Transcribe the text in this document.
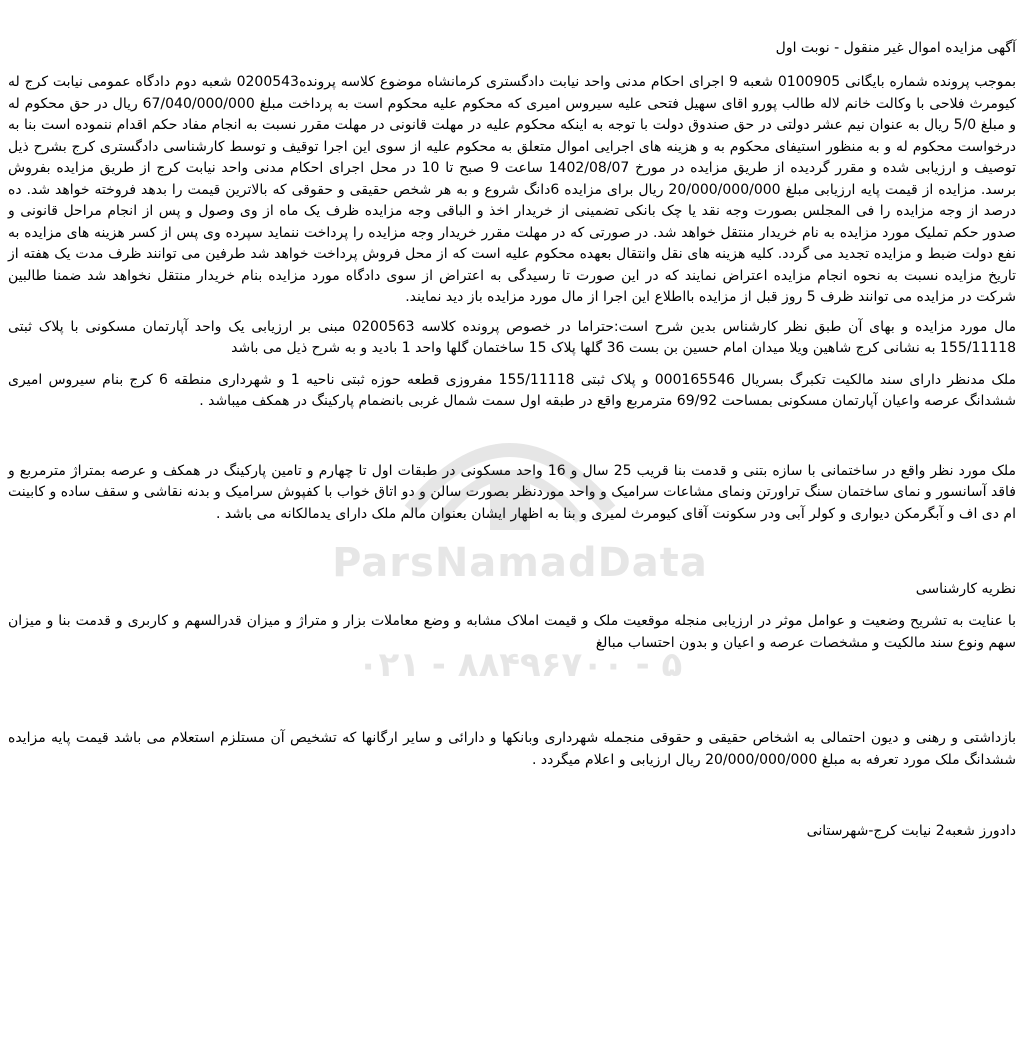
آگهی مزایده اموال غیر منقول - نوبت اول

بموجب پرونده شماره بایگانی 0100905 شعبه 9 اجرای احکام مدنی واحد نیابت دادگستری کرمانشاه موضوع کلاسه پرونده0200543 شعبه دوم دادگاه عمومی نیابت کرج له کیومرث فلاحی با وکالت خانم لاله طالب پورو اقای سهیل فتحی علیه سیروس امیری که محکوم علیه محکوم است به پرداخت مبلغ 67/040/000/000 ریال در حق محکوم له و مبلغ 5/0 ریال به عنوان نیم عشر دولتی در حق صندوق دولت با توجه به اینکه محکوم علیه در مهلت قانونی در مهلت مقرر نسبت به انجام مفاد حکم اقدام ننموده است بنا به درخواست محکوم له و به منظور استیفای محکوم به و هزینه های اجرایی اموال متعلق به محکوم علیه از سوی این اجرا توقیف و توسط کارشناسی دادگستری کرج بشرح ذیل توصیف و ارزیابی شده و مقرر گردیده از طریق مزایده در مورخ 1402/08/07 ساعت 9 صبح تا 10 در محل اجرای احکام مدنی واحد نیابت کرج از طریق مزایده بفروش برسد. مزایده از قیمت پایه ارزیابی مبلغ 20/000/000/000 ریال برای مزایده 6دانگ شروع و به هر شخص حقیقی و حقوقی که بالاترین قیمت را بدهد فروخته خواهد شد. ده درصد از وجه مزایده را فی المجلس بصورت وجه نقد یا چک بانکی تضمینی از خریدار اخذ و الباقی وجه مزایده ظرف یک ماه از وی وصول و پس از انجام مراحل قانونی و صدور حکم تملیک مورد مزایده به نام خریدار منتقل خواهد شد. در صورتی که در مهلت مقرر خریدار وجه مزایده را پرداخت ننماید سپرده وی پس از کسر هزینه های مزایده به نفع دولت ضبط و مزایده تجدید می گردد. کلیه هزینه های نقل وانتقال بعهده محکوم علیه است که از محل فروش پرداخت خواهد شد طرفین می توانند ظرف مدت یک هفته از تاریخ مزایده نسبت به نحوه انجام مزایده اعتراض نمایند که در این صورت تا رسیدگی به اعتراض از سوی دادگاه مورد مزایده بنام خریدار منتقل نخواهد شد ضمنا طالبین شرکت در مزایده می توانند ظرف 5 روز قبل از مزایده بااطلاع این اجرا از مال مورد مزایده باز دید نمایند.

مال مورد مزایده و بهای آن طبق نظر کارشناس بدین شرح است:حتراما در خصوص پرونده کلاسه 0200563 مبنی بر ارزیابی یک واحد آپارتمان مسکونی با پلاک ثبتی 155/11118 به نشانی کرج شاهین ویلا میدان امام حسین بن بست 36 گلها پلاک 15 ساختمان گلها واحد 1 بادید و به شرح ذیل می باشد

ملک مدنظر دارای سند مالکیت تکبرگ بسریال 000165546 و پلاک ثبتی 155/11118 مفروزی قطعه حوزه ثبتی ناحیه 1 و شهرداری منطقه 6 کرج بنام سیروس امیری ششدانگ عرصه واعیان آپارتمان مسکونی بمساحت 69/92 مترمربع واقع در طبقه اول سمت شمال غربی بانضمام پارکینگ در همکف میباشد .

ملک مورد نظر واقع در ساختمانی با سازه بتنی و قدمت بنا قریب 25 سال و 16 واحد مسکونی در طبقات اول تا چهارم و تامین پارکینگ در همکف و عرصه بمتراژ مترمربع و فاقد آسانسور و نمای ساختمان سنگ تراورتن ونمای مشاعات سرامیک و واحد موردنظر بصورت سالن و دو اتاق خواب با کفپوش سرامیک و بدنه نقاشی و سقف ساده و کابینت ام دی اف و آبگرمکن دیواری و کولر آبی ودر سکونت آقای کیومرث لمیری و بنا به اظهار ایشان بعنوان مالم ملک دارای یدمالکانه می باشد .

نظریه کارشناسی

با عنایت به تشریح وضعیت و عوامل موثر در ارزیابی منجله موقعیت ملک و قیمت املاک مشابه و وضع معاملات بزار و متراژ و میزان قدرالسهم و کاربری و قدمت بنا و میزان سهم ونوع سند مالکیت و مشخصات عرصه و اعیان و بدون احتساب مبالغ

بازداشتی و رهنی و دیون احتمالی به اشخاص حقیقی و حقوقی منجمله شهرداری وبانکها و دارائی و سایر ارگانها که تشخیص آن مستلزم استعلام می باشد قیمت پایه مزایده ششدانگ ملک مورد تعرفه به مبلغ 20/000/000/000 ریال ارزیابی و اعلام میگردد .

دادورز شعبه2 نیابت کرج-شهرستانی

ParsNamadData
۰۲۱ - ۸۸۴۹۶۷۰۰ - ۵
